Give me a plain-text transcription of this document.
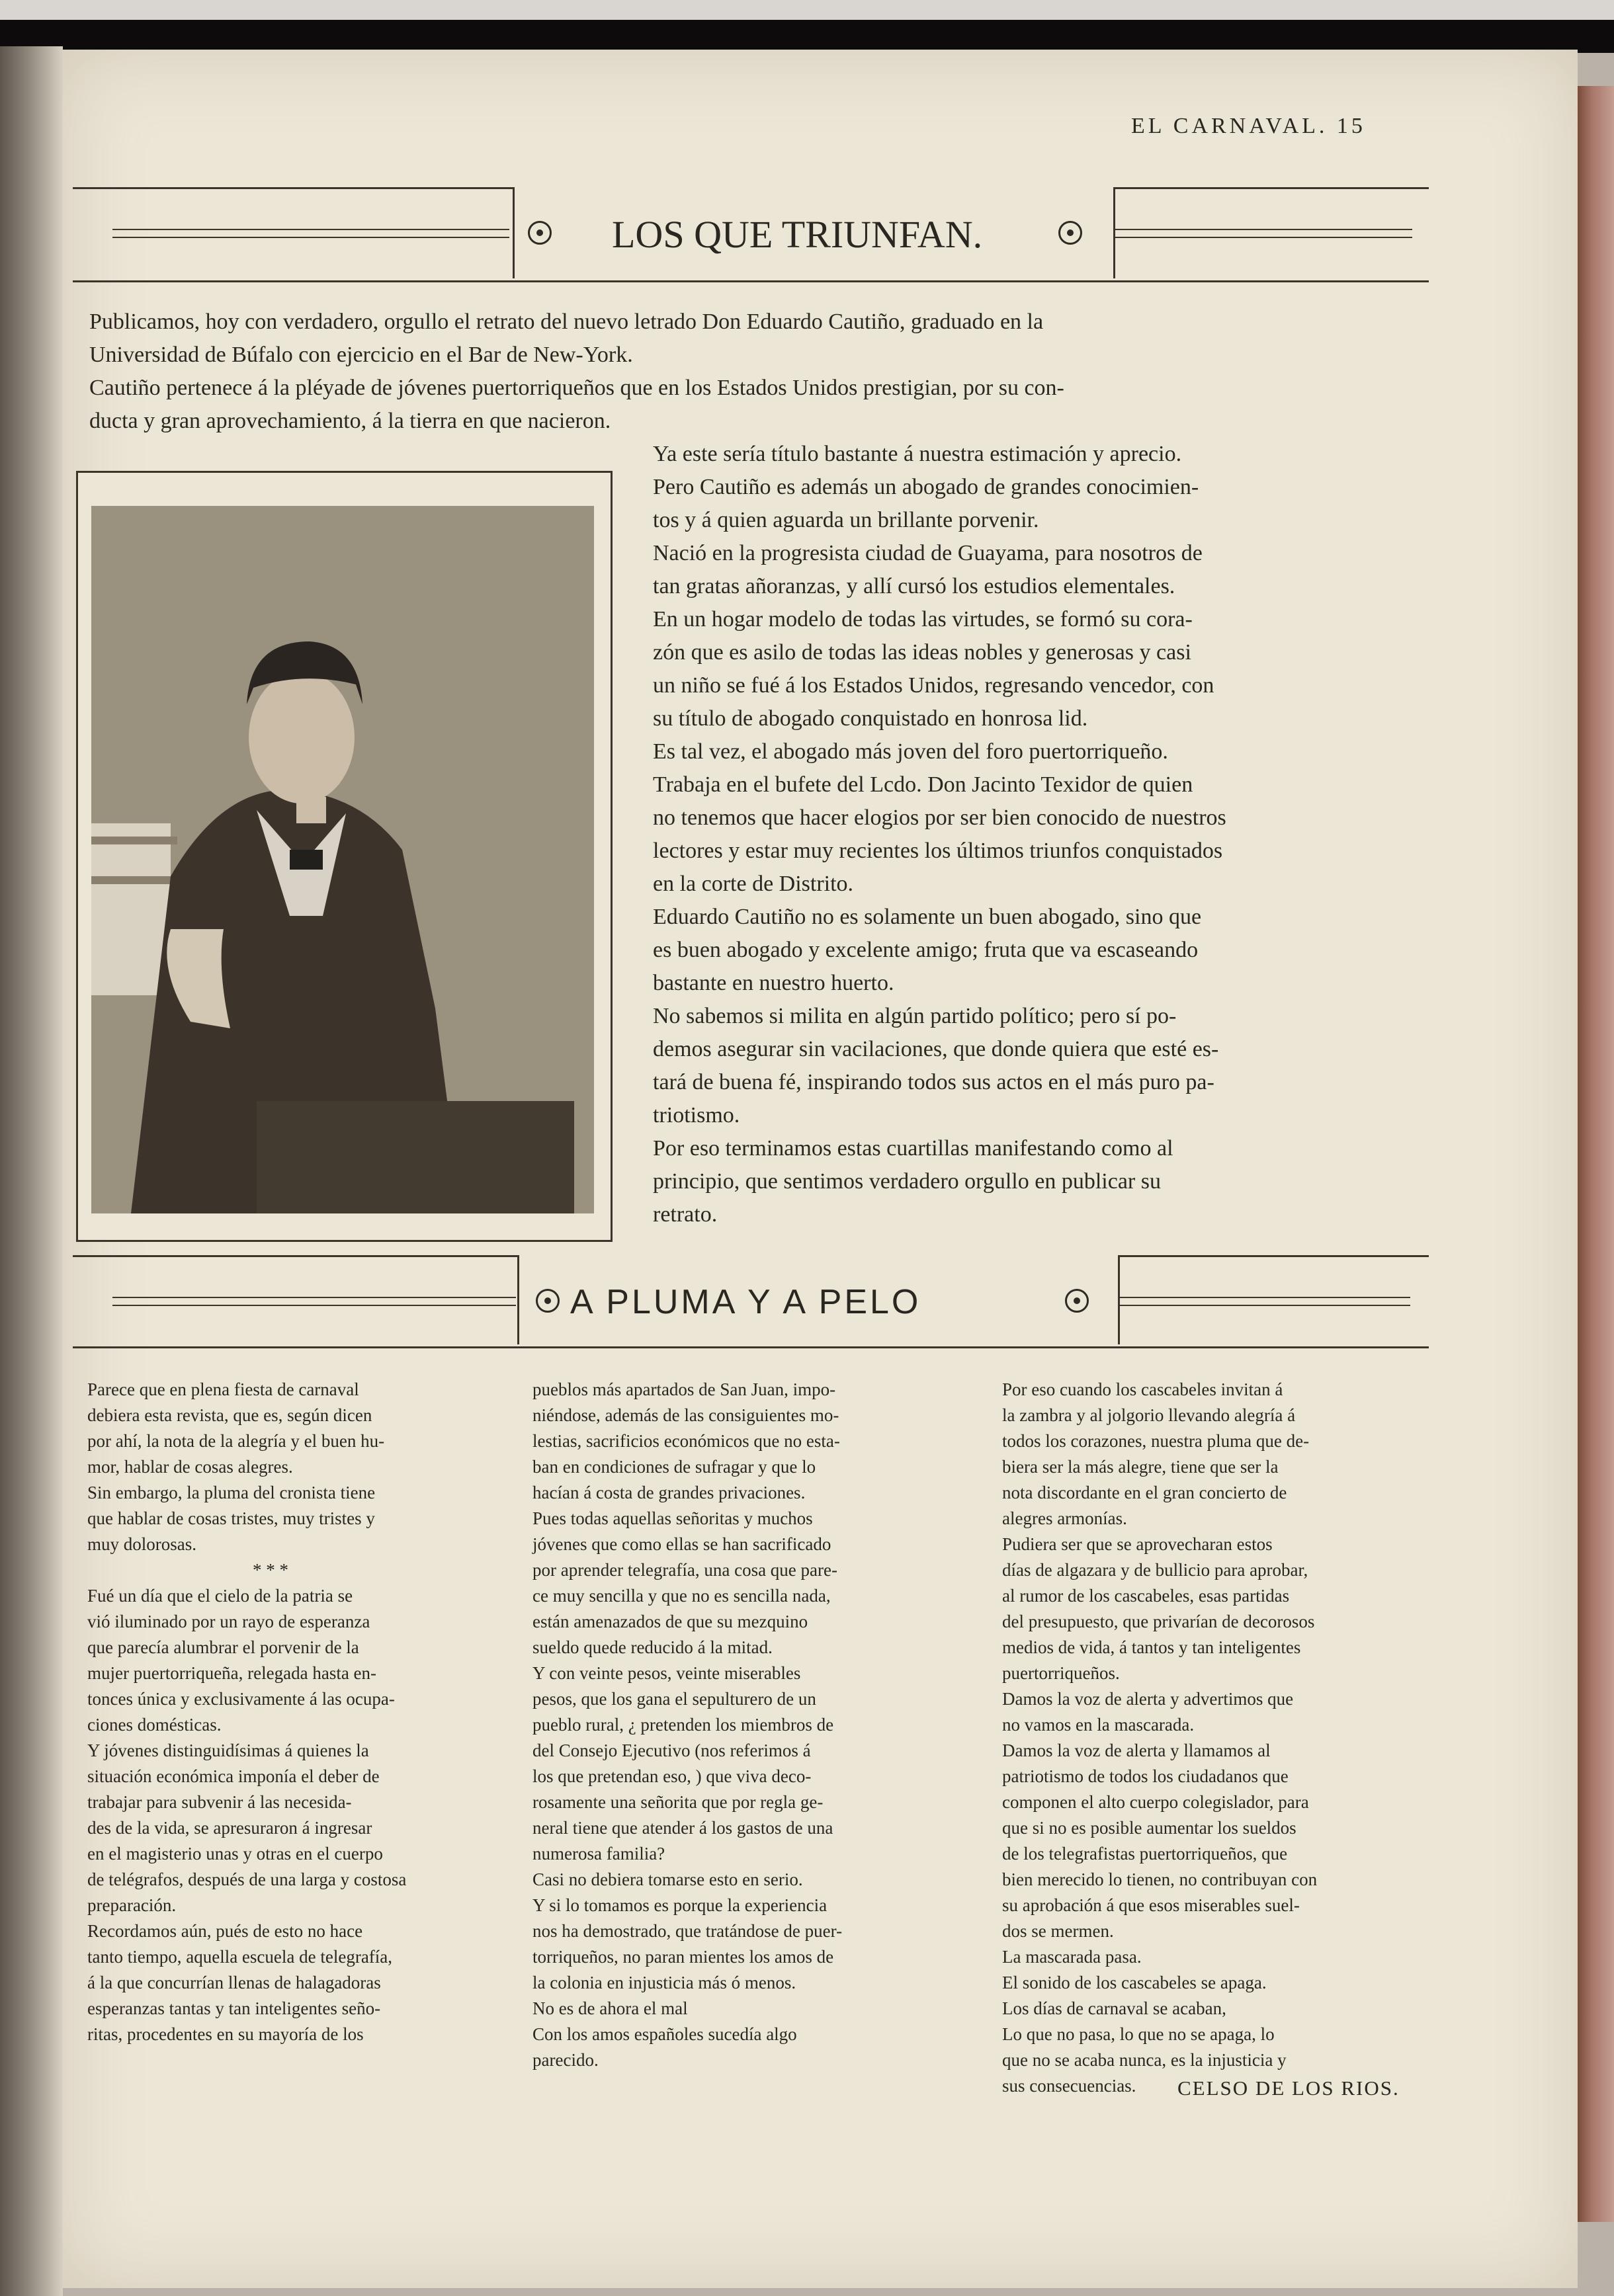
EL CARNAVAL. 15
LOS QUE TRIUNFAN.
Publicamos, hoy con verdadero, orgullo el retrato del nuevo letrado Don Eduardo Cautiño, graduado en la
Universidad de Búfalo con ejercicio en el Bar de New-York.
Cautiño pertenece á la pléyade de jóvenes puertorriqueños que en los Estados Unidos prestigian, por su con-
ducta y gran aprovechamiento, á la tierra en que nacieron.
Ya este sería título bastante á nuestra estimación y aprecio.
Pero Cautiño es además un abogado de grandes conocimien-
tos y á quien aguarda un brillante porvenir.
Nació en la progresista ciudad de Guayama, para nosotros de
tan gratas añoranzas, y allí cursó los estudios elementales.
En un hogar modelo de todas las virtudes, se formó su cora-
zón que es asilo de todas las ideas nobles y generosas y casi
un niño se fué á los Estados Unidos, regresando vencedor, con
su título de abogado conquistado en honrosa lid.
Es tal vez, el abogado más joven del foro puertorriqueño.
Trabaja en el bufete del Lcdo. Don Jacinto Texidor de quien
no tenemos que hacer elogios por ser bien conocido de nuestros
lectores y estar muy recientes los últimos triunfos conquistados
en la corte de Distrito.
Eduardo Cautiño no es solamente un buen abogado, sino que
es buen abogado y excelente amigo; fruta que va escaseando
bastante en nuestro huerto.
No sabemos si milita en algún partido político; pero sí po-
demos asegurar sin vacilaciones, que donde quiera que esté es-
tará de buena fé, inspirando todos sus actos en el más puro pa-
triotismo.
Por eso terminamos estas cuartillas manifestando como al
principio, que sentimos verdadero orgullo en publicar su
retrato.
A PLUMA Y A PELO
Parece que en plena fiesta de carnaval
debiera esta revista, que es, según dicen
por ahí, la nota de la alegría y el buen hu-
mor, hablar de cosas alegres.
Sin embargo, la pluma del cronista tiene
que hablar de cosas tristes, muy tristes y
muy dolorosas.
* * *
Fué un día que el cielo de la patria se
vió iluminado por un rayo de esperanza
que parecía alumbrar el porvenir de la
mujer puertorriqueña, relegada hasta en-
tonces única y exclusivamente á las ocupa-
ciones domésticas.
Y jóvenes distinguidísimas á quienes la
situación económica imponía el deber de
trabajar para subvenir á las necesida-
des de la vida, se apresuraron á ingresar
en el magisterio unas y otras en el cuerpo
de telégrafos, después de una larga y costosa
preparación.
Recordamos aún, pués de esto no hace
tanto tiempo, aquella escuela de telegrafía,
á la que concurrían llenas de halagadoras
esperanzas tantas y tan inteligentes seño-
ritas, procedentes en su mayoría de los
pueblos más apartados de San Juan, impo-
niéndose, además de las consiguientes mo-
lestias, sacrificios económicos que no esta-
ban en condiciones de sufragar y que lo
hacían á costa de grandes privaciones.
Pues todas aquellas señoritas y muchos
jóvenes que como ellas se han sacrificado
por aprender telegrafía, una cosa que pare-
ce muy sencilla y que no es sencilla nada,
están amenazados de que su mezquino
sueldo quede reducido á la mitad.
Y con veinte pesos, veinte miserables
pesos, que los gana el sepulturero de un
pueblo rural, ¿ pretenden los miembros de
del Consejo Ejecutivo (nos referimos á
los que pretendan eso, ) que viva deco-
rosamente una señorita que por regla ge-
neral tiene que atender á los gastos de una
numerosa familia?
Casi no debiera tomarse esto en serio.
Y si lo tomamos es porque la experiencia
nos ha demostrado, que tratándose de puer-
torriqueños, no paran mientes los amos de
la colonia en injusticia más ó menos.
No es de ahora el mal
Con los amos españoles sucedía algo
parecido.
Por eso cuando los cascabeles invitan á
la zambra y al jolgorio llevando alegría á
todos los corazones, nuestra pluma que de-
biera ser la más alegre, tiene que ser la
nota discordante en el gran concierto de
alegres armonías.
Pudiera ser que se aprovecharan estos
días de algazara y de bullicio para aprobar,
al rumor de los cascabeles, esas partidas
del presupuesto, que privarían de decorosos
medios de vida, á tantos y tan inteligentes
puertorriqueños.
Damos la voz de alerta y advertimos que
no vamos en la mascarada.
Damos la voz de alerta y llamamos al
patriotismo de todos los ciudadanos que
componen el alto cuerpo colegislador, para
que si no es posible aumentar los sueldos
de los telegrafistas puertorriqueños, que
bien merecido lo tienen, no contribuyan con
su aprobación á que esos miserables suel-
dos se mermen.
La mascarada pasa.
El sonido de los cascabeles se apaga.
Los días de carnaval se acaban,
Lo que no pasa, lo que no se apaga, lo
que no se acaba nunca, es la injusticia y
sus consecuencias.	CELSO DE LOS RIOS.
